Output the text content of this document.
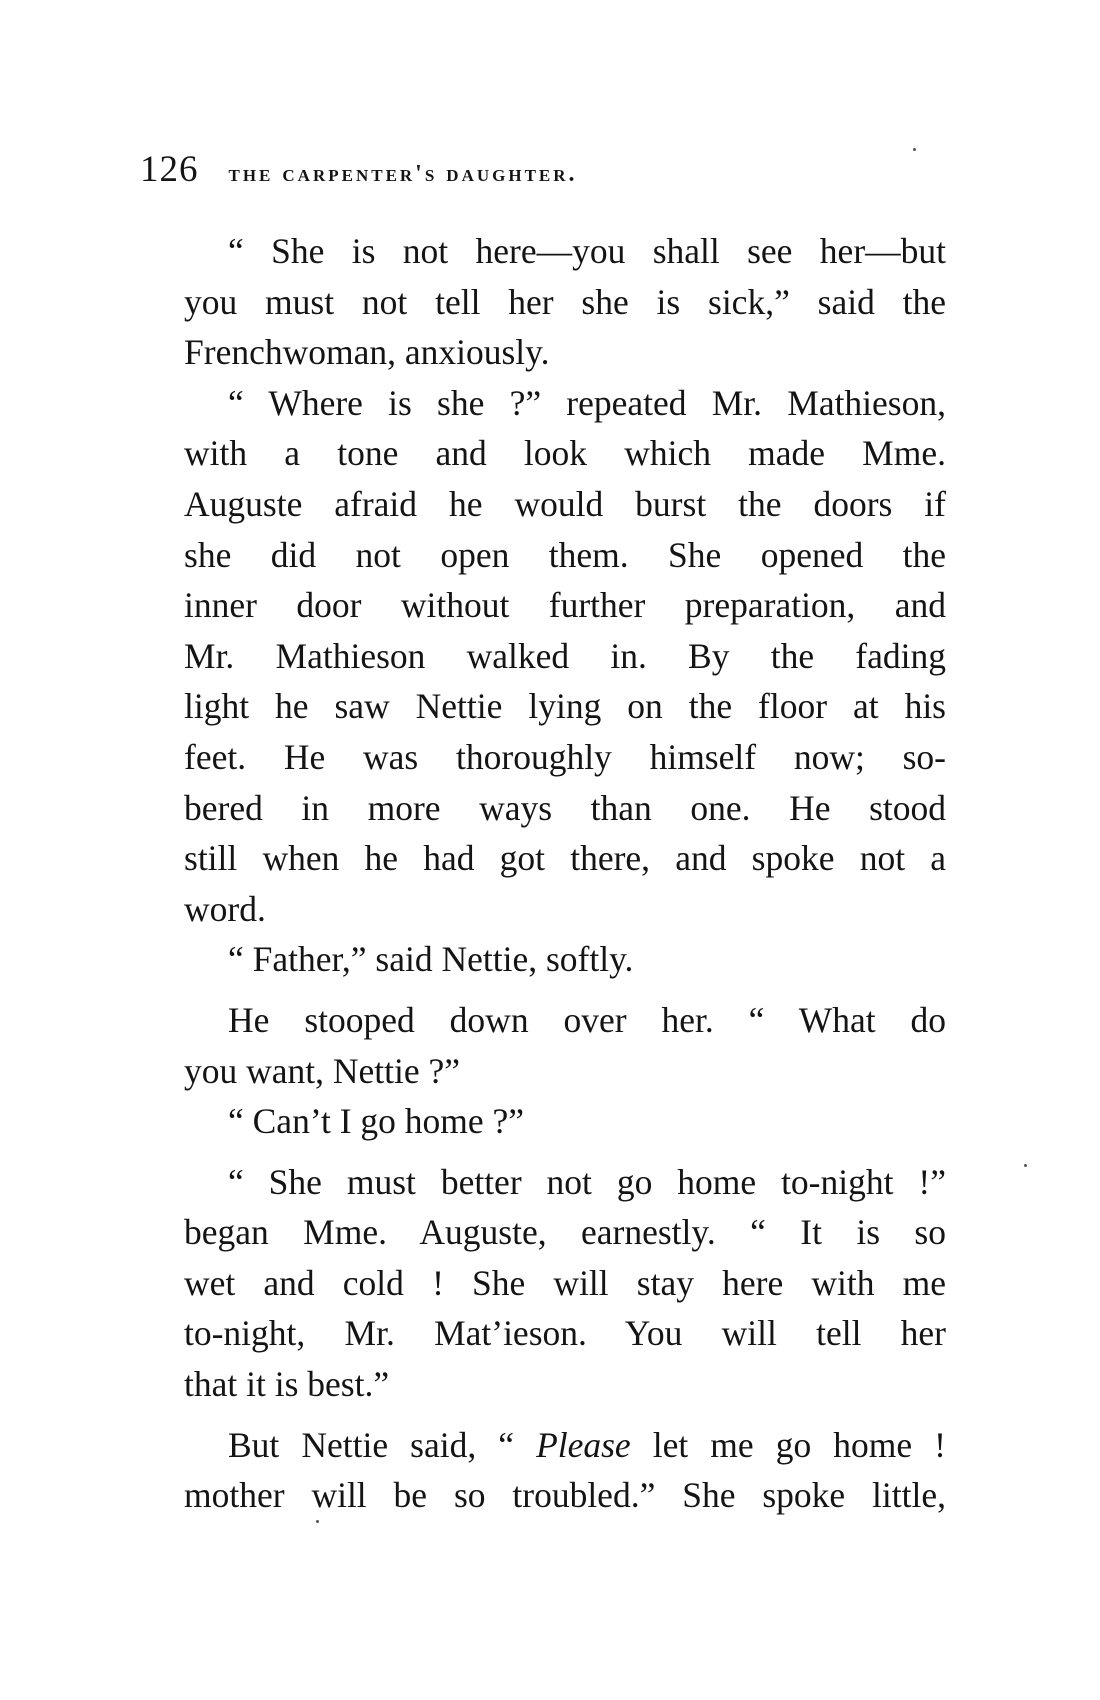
126 the carpenter's daughter.

“ She is not here—you shall see her—but
you must not tell her she is sick,” said the
Frenchwoman, anxiously.

“ Where is she ?” repeated Mr. Mathieson,
with a tone and look which made Mme.
Auguste afraid he would burst the doors if
she did not open them. She opened the
inner door without further preparation, and
Mr. Mathieson walked in. By the fading
light he saw Nettie lying on the floor at his
feet. He was thoroughly himself now; so-
bered in more ways than one. He stood
still when he had got there, and spoke not a
word.

“ Father,” said Nettie, softly.

He stooped down over her. “ What do
you want, Nettie ?”

“ Can’t I go home ?”

“ She must better not go home to-night !”
began Mme. Auguste, earnestly. “ It is so
wet and cold ! She will stay here with me
to-night, Mr. Mat’ieson. You will tell her
that it is best.”

But Nettie said, “ Please let me go home !
mother will be so troubled.” She spoke little,
